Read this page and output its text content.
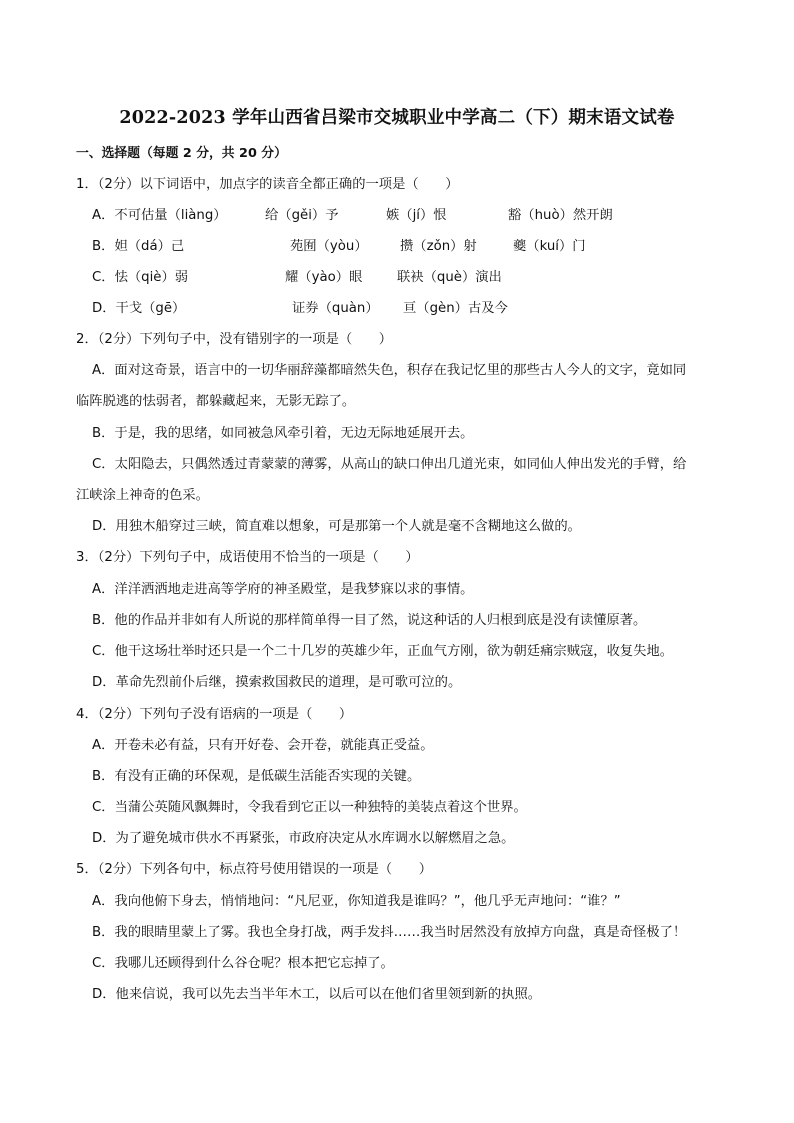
2022-2023 学年山西省吕梁市交城职业中学高二（下）期末语文试卷
一、选择题（每题 2 分，共 20 分）
1．（2分）以下词语中，加点字的读音全都正确的一项是（　　）
A．不可估量（liàng）	给（gěi）予	嫉（jí）恨	豁（huò）然开朗
B．妲（dá）己	苑囿（yòu） 攒（zǒn）射	夔（kuí）门
C．怯（qiè）弱	耀（yào）眼	联袂（què）演出
D．干戈（gē）	证券（quàn） 亘（gèn）古及今
2．（2分）下列句子中，没有错别字的一项是（　　）
A．面对这奇景，语言中的一切华丽辞藻都暗然失色，积存在我记忆里的那些古人今人的文字，竟如同
临阵脱逃的怯弱者，都躲藏起来，无影无踪了。
B．于是，我的思绪，如同被急风牵引着，无边无际地延展开去。
C．太阳隐去，只偶然透过青蒙蒙的薄雾，从高山的缺口伸出几道光束，如同仙人伸出发光的手臂，给
江峡涂上神奇的色采。
D．用独木船穿过三峡，简直难以想象，可是那第一个人就是毫不含糊地这么做的。
3．（2分）下列句子中，成语使用不恰当的一项是（　　）
A．洋洋洒洒地走进高等学府的神圣殿堂，是我梦寐以求的事情。
B．他的作品并非如有人所说的那样简单得一目了然，说这种话的人归根到底是没有读懂原著。
C．他干这场壮举时还只是一个二十几岁的英雄少年，正血气方刚，欲为朝廷痛宗贼寇，收复失地。
D．革命先烈前仆后继，摸索救国救民的道理，是可歌可泣的。
4．（2分）下列句子没有语病的一项是（　　）
A．开卷未必有益，只有开好卷、会开卷，就能真正受益。
B．有没有正确的环保观，是低碳生活能否实现的关键。
C．当蒲公英随风飘舞时，令我看到它正以一种独特的美装点着这个世界。
D．为了避免城市供水不再紧张，市政府决定从水库调水以解燃眉之急。
5．（2分）下列各句中，标点符号使用错误的一项是（　　）
A．我向他俯下身去，悄悄地问：“凡尼亚，你知道我是谁吗？”，他几乎无声地问：“谁？”
B．我的眼睛里蒙上了雾。我也全身打战，两手发抖……我当时居然没有放掉方向盘，真是奇怪极了！
C．我哪儿还顾得到什么谷仓呢？根本把它忘掉了。
D．他来信说，我可以先去当半年木工，以后可以在他们省里领到新的执照。
